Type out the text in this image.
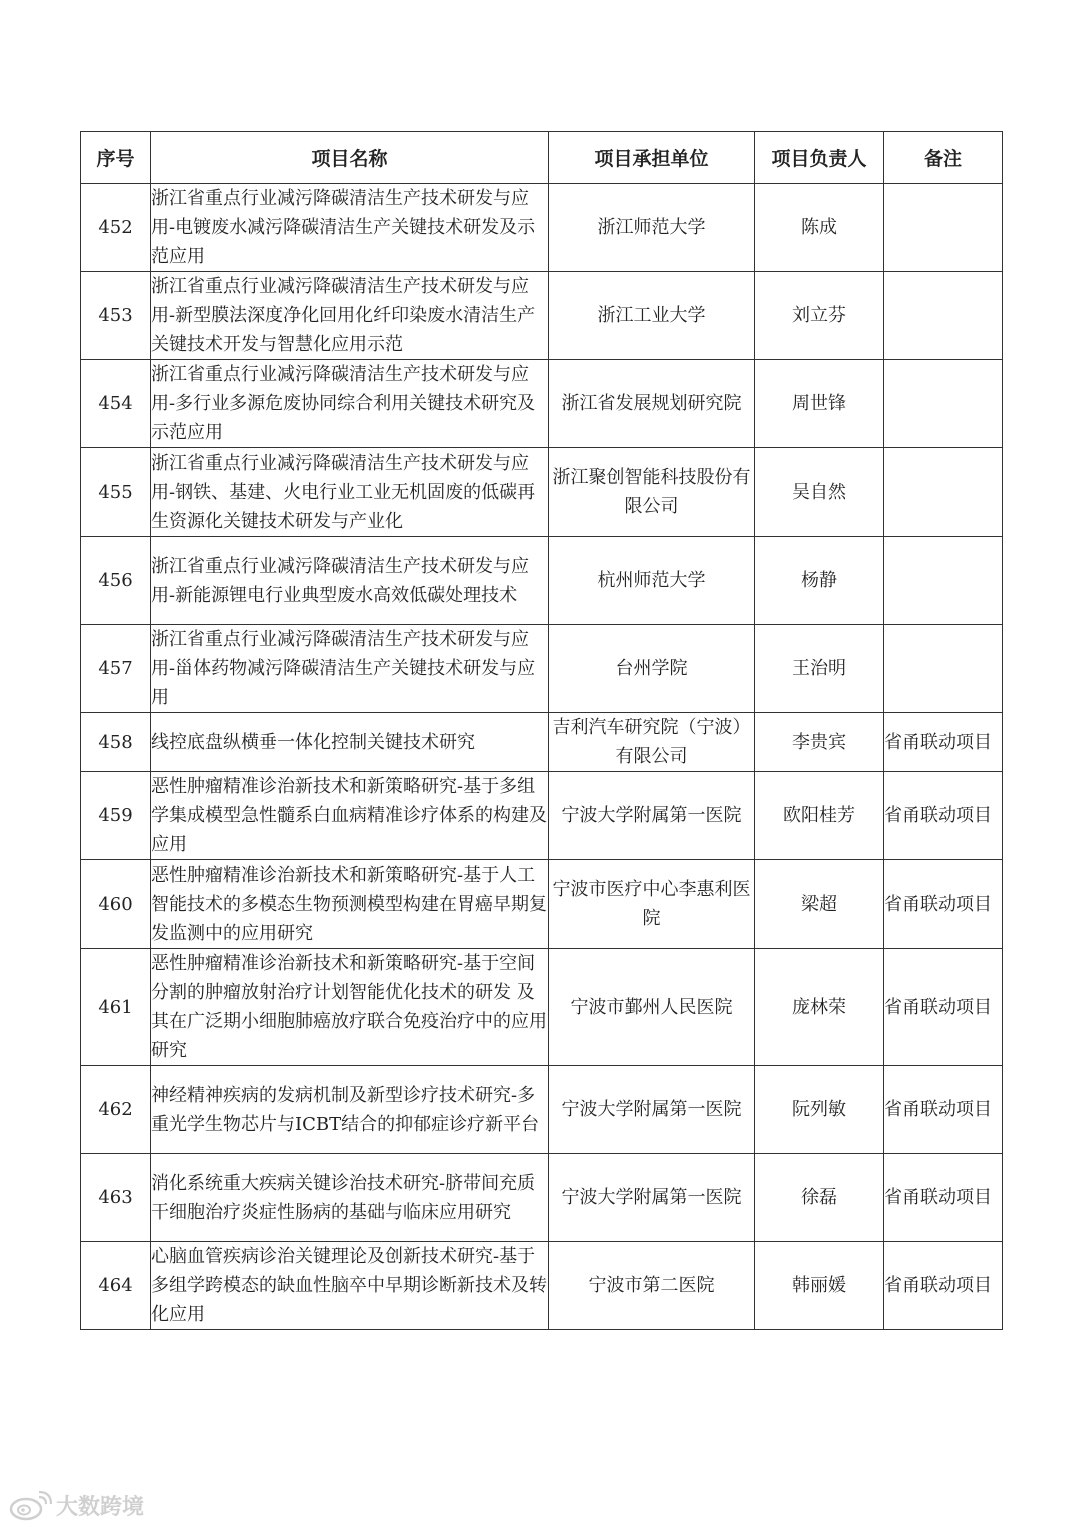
序号	项目名称	项目承担单位	项目负责人	备注
452	浙江省重点行业减污降碳清洁生产技术研发与应用-电镀废水减污降碳清洁生产关键技术研发及示范应用	浙江师范大学	陈成	
453	浙江省重点行业减污降碳清洁生产技术研发与应用-新型膜法深度净化回用化纤印染废水清洁生产关键技术开发与智慧化应用示范	浙江工业大学	刘立芬	
454	浙江省重点行业减污降碳清洁生产技术研发与应用-多行业多源危废协同综合利用关键技术研究及示范应用	浙江省发展规划研究院	周世锋	
455	浙江省重点行业减污降碳清洁生产技术研发与应用-钢铁、基建、火电行业工业无机固废的低碳再生资源化关键技术研发与产业化	浙江聚创智能科技股份有限公司	吴自然	
456	浙江省重点行业减污降碳清洁生产技术研发与应用-新能源锂电行业典型废水高效低碳处理技术	杭州师范大学	杨静	
457	浙江省重点行业减污降碳清洁生产技术研发与应用-甾体药物减污降碳清洁生产关键技术研发与应用	台州学院	王治明	
458	线控底盘纵横垂一体化控制关键技术研究	吉利汽车研究院（宁波）有限公司	李贵宾	省甬联动项目
459	恶性肿瘤精准诊治新技术和新策略研究-基于多组学集成模型急性髓系白血病精准诊疗体系的构建及应用	宁波大学附属第一医院	欧阳桂芳	省甬联动项目
460	恶性肿瘤精准诊治新技术和新策略研究-基于人工智能技术的多模态生物预测模型构建在胃癌早期复发监测中的应用研究	宁波市医疗中心李惠利医院	梁超	省甬联动项目
461	恶性肿瘤精准诊治新技术和新策略研究-基于空间分割的肿瘤放射治疗计划智能优化技术的研发 及其在广泛期小细胞肺癌放疗联合免疫治疗中的应用研究	宁波市鄞州人民医院	庞林荣	省甬联动项目
462	神经精神疾病的发病机制及新型诊疗技术研究-多重光学生物芯片与ICBT结合的抑郁症诊疗新平台	宁波大学附属第一医院	阮列敏	省甬联动项目
463	消化系统重大疾病关键诊治技术研究-脐带间充质干细胞治疗炎症性肠病的基础与临床应用研究	宁波大学附属第一医院	徐磊	省甬联动项目
464	心脑血管疾病诊治关键理论及创新技术研究-基于多组学跨模态的缺血性脑卒中早期诊断新技术及转化应用	宁波市第二医院	韩丽媛	省甬联动项目
大数跨境
